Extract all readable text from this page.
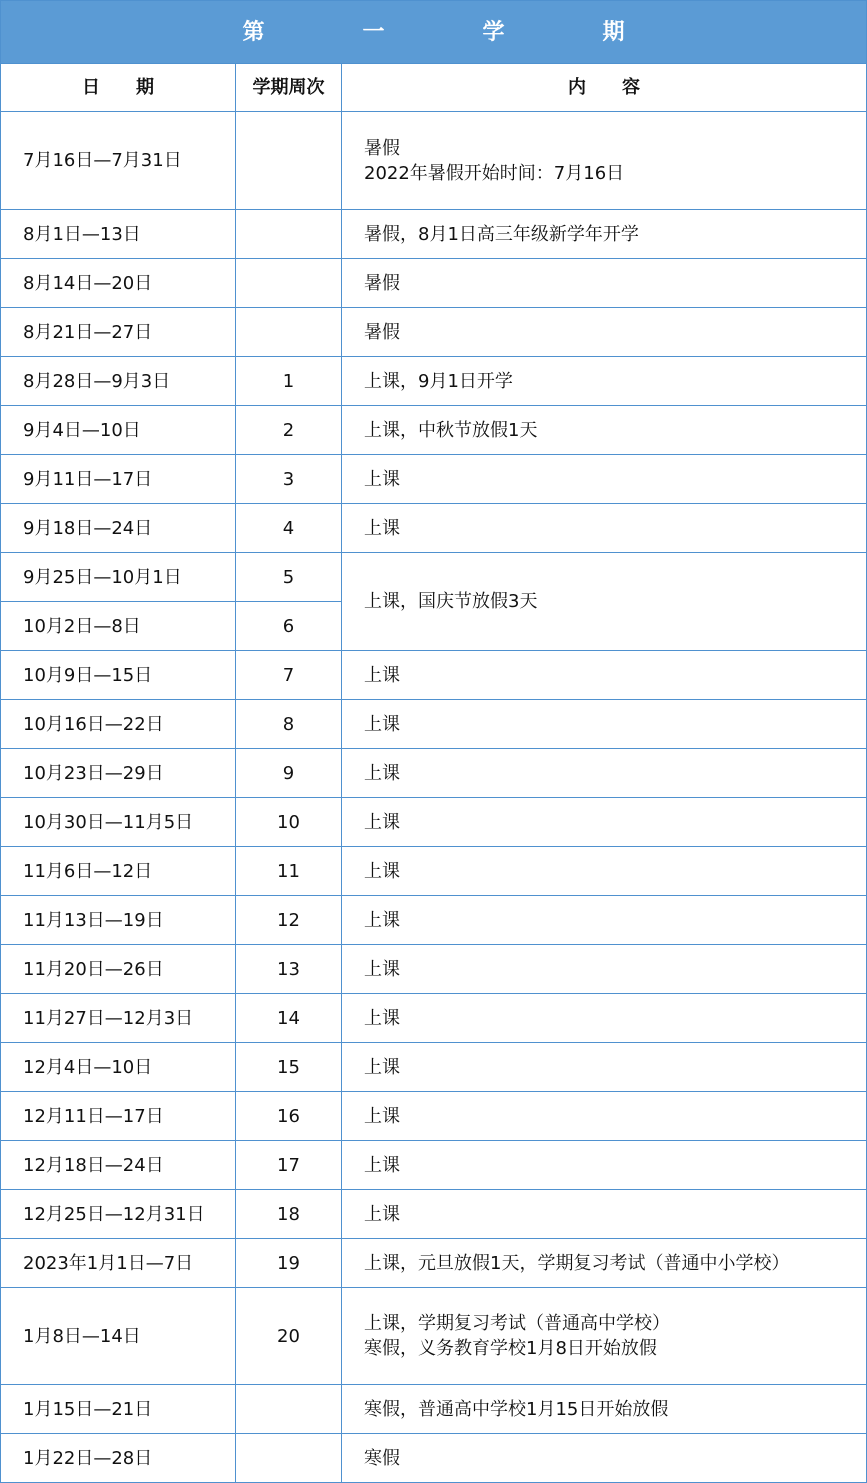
第　一　学　期		
日　　期	学期周次	内　　容
7月16日—7月31日		暑假
2022年暑假开始时间：7月16日

8月1日—13日		暑假，8月1日高三年级新学年开学

8月14日—20日		暑假

8月21日—27日		暑假

8月28日—9月3日	1	上课，9月1日开学

9月4日—10日	2	上课，中秋节放假1天

9月11日—17日	3	上课

9月18日—24日	4	上课

9月25日—10月1日	5	上课，国庆节放假3天

10月2日—8日	6	
10月9日—15日	7	上课

10月16日—22日	8	上课

10月23日—29日	9	上课

10月30日—11月5日	10	上课

11月6日—12日	11	上课

11月13日—19日	12	上课

11月20日—26日	13	上课

11月27日—12月3日	14	上课

12月4日—10日	15	上课

12月11日—17日	16	上课

12月18日—24日	17	上课

12月25日—12月31日	18	上课

2023年1月1日—7日	19	上课，元旦放假1天，学期复习考试（普通中小学校）

1月8日—14日	20	上课，学期复习考试（普通高中学校）
寒假，义务教育学校1月8日开始放假

1月15日—21日		寒假，普通高中学校1月15日开始放假

1月22日—28日		寒假
